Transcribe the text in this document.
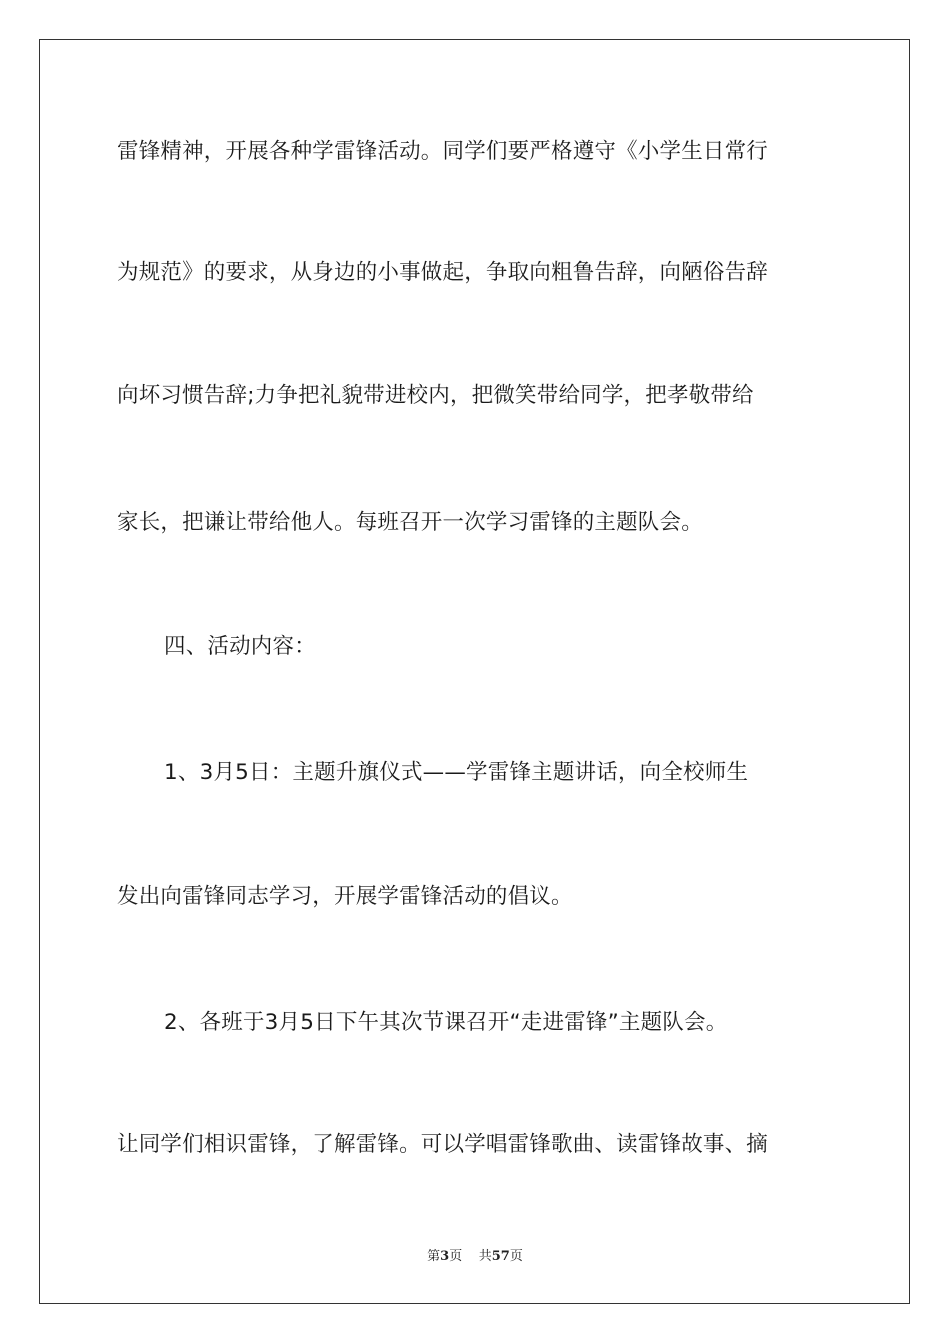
雷锋精神，开展各种学雷锋活动。同学们要严格遵守《小学生日常行
为规范》的要求，从身边的小事做起，争取向粗鲁告辞，向陋俗告辞
向坏习惯告辞;力争把礼貌带进校内，把微笑带给同学，把孝敬带给
家长，把谦让带给他人。每班召开一次学习雷锋的主题队会。
四、活动内容：
1、3月5日：主题升旗仪式——学雷锋主题讲话，向全校师生
发出向雷锋同志学习，开展学雷锋活动的倡议。
2、各班于3月5日下午其次节课召开“走进雷锋”主题队会。
让同学们相识雷锋，了解雷锋。可以学唱雷锋歌曲、读雷锋故事、摘
第3页 共57页
